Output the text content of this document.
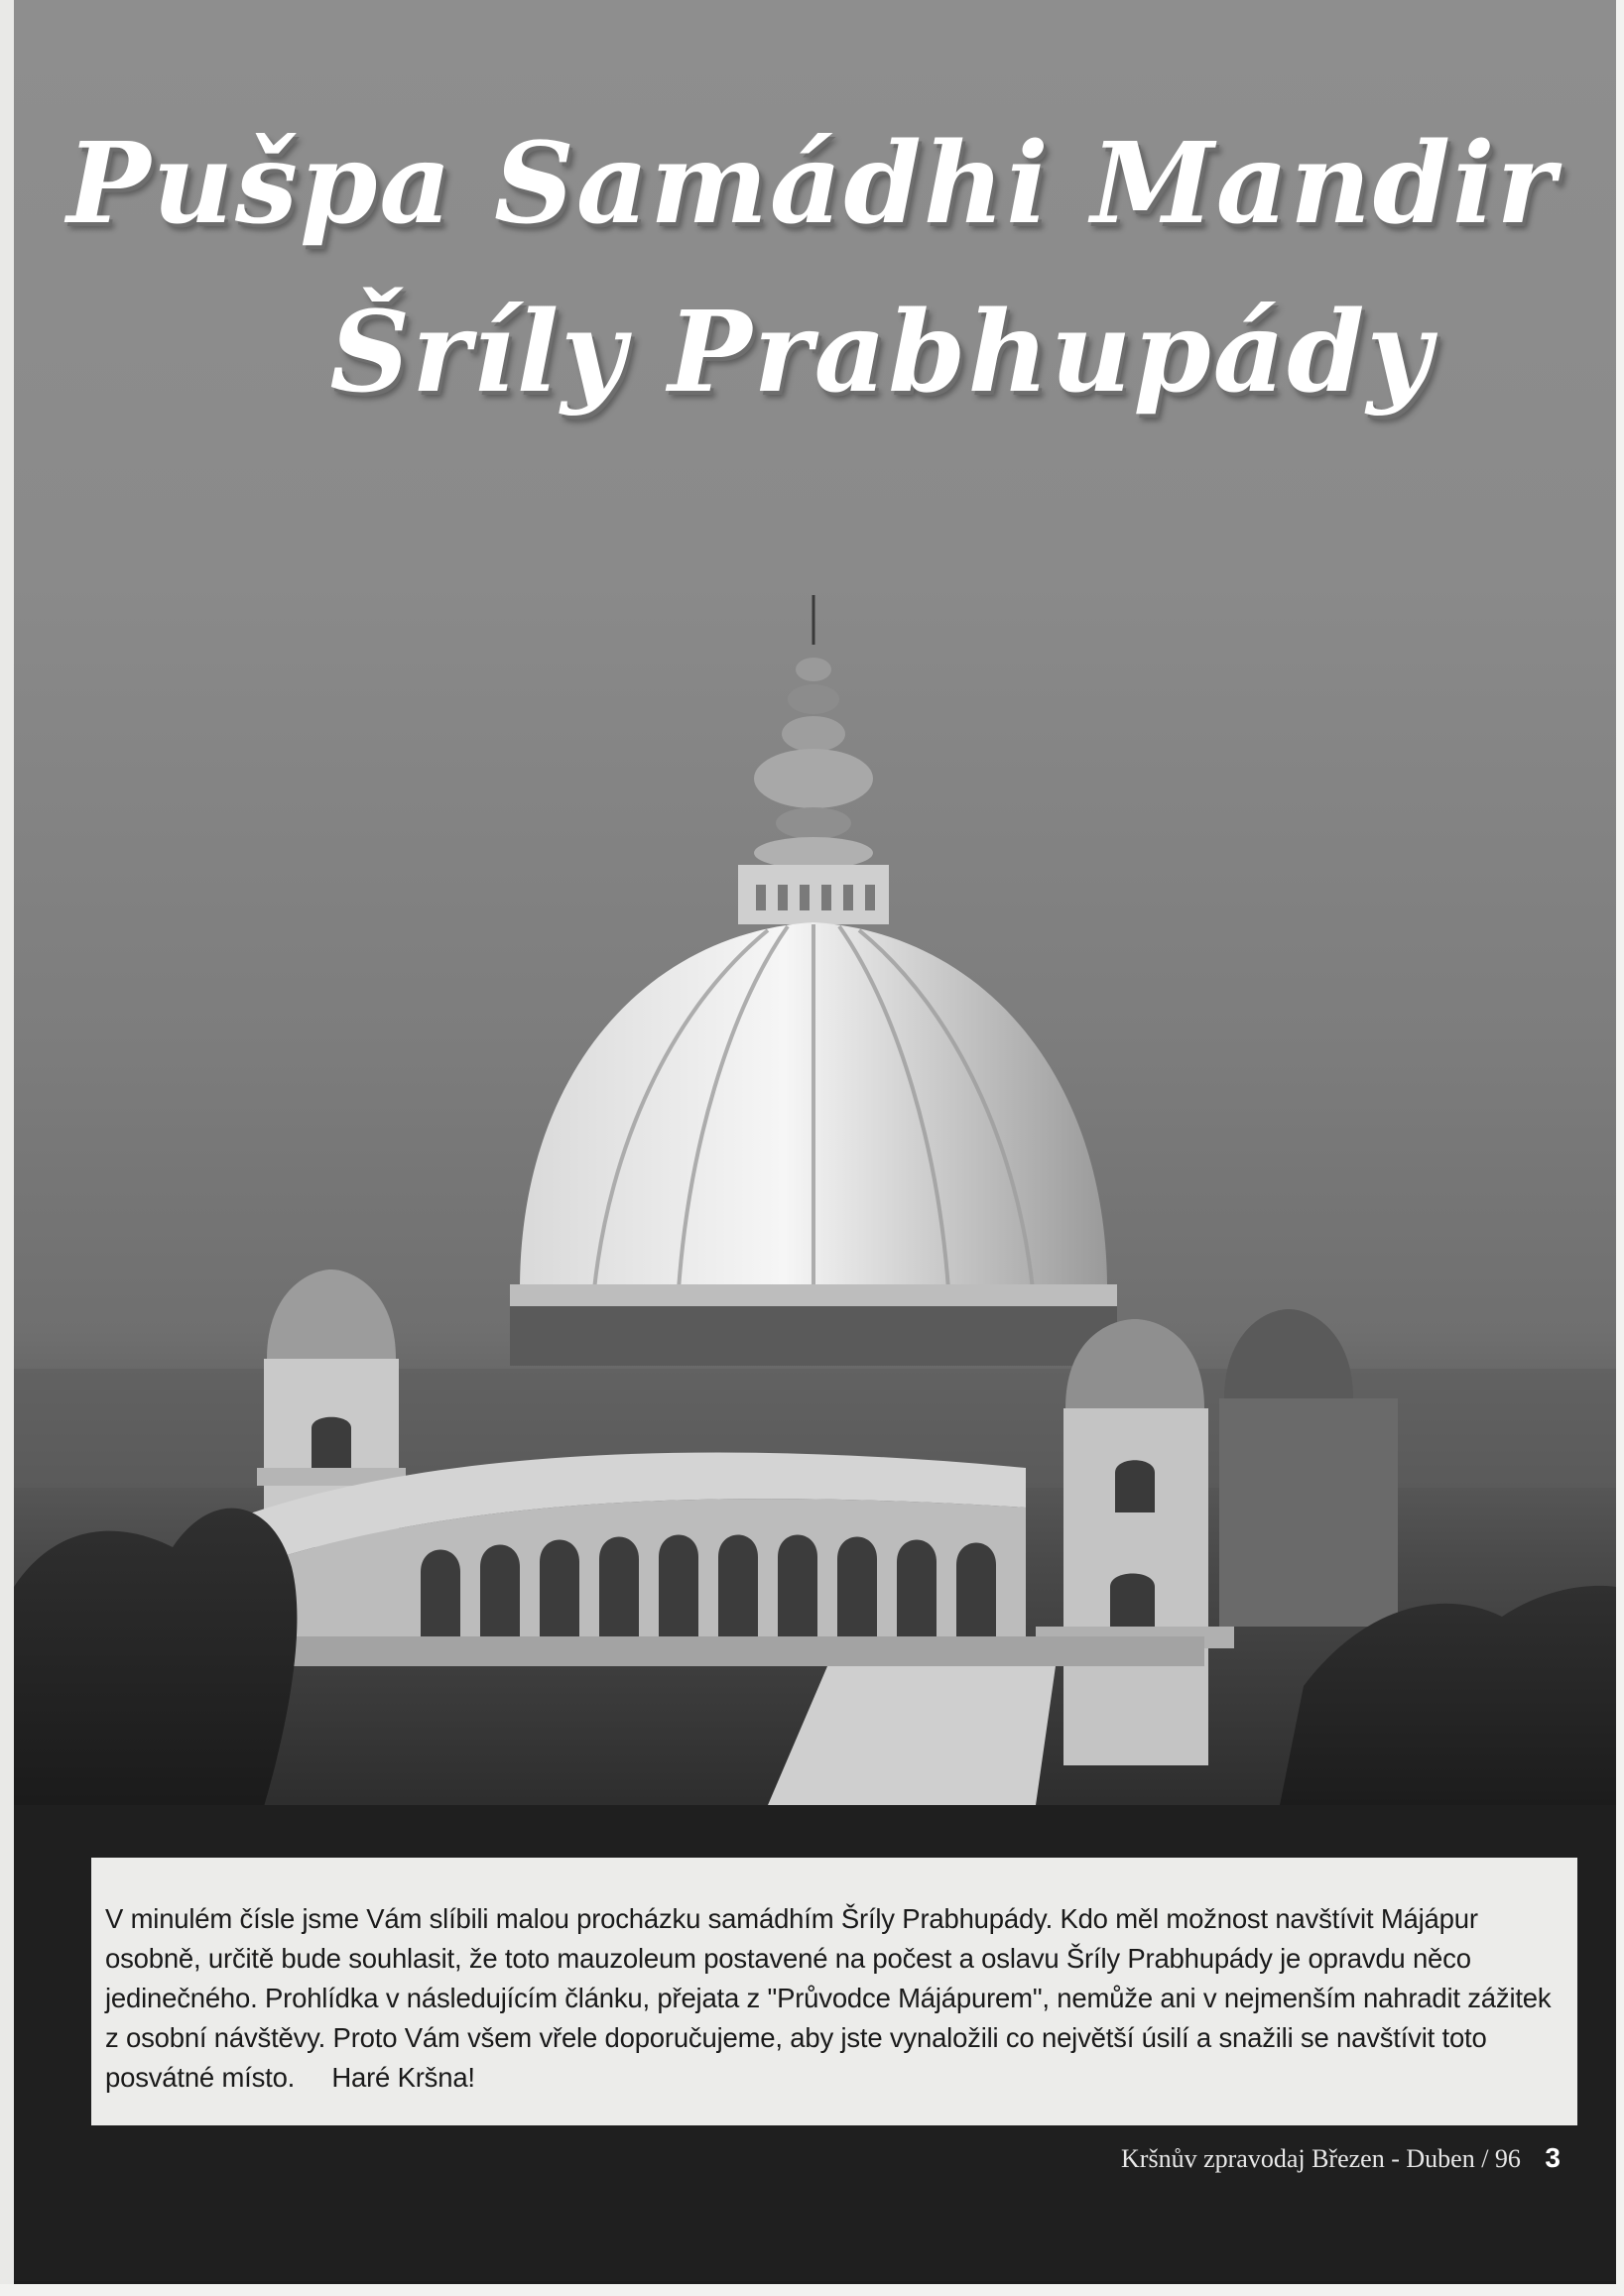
Pušpa Samádhi Mandir
Šríly Prabhupády

V minulém čísle jsme Vám slíbili malou procházku samádhím Šríly Prabhupády. Kdo měl možnost navštívit Májápur osobně, určitě bude souhlasit, že toto mauzoleum postavené na počest a oslavu Šríly Prabhupády je opravdu něco jedinečného. Prohlídka v následujícím článku, přejata z "Průvodce Májápurem", nemůže ani v nejmenším nahradit zážitek z osobní návštěvy. Proto Vám všem vřele doporučujeme, aby jste vynaložili co největší úsilí a snažili se navštívit toto posvátné místo. Haré Kršna!

Kršnův zpravodaj Březen - Duben / 96 3
